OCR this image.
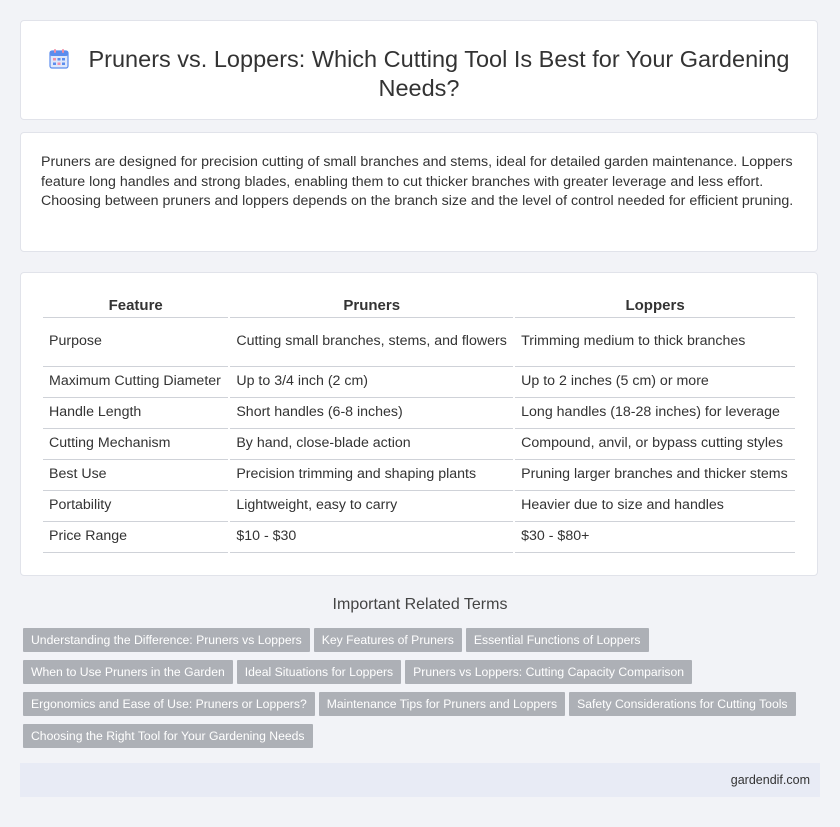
Pruners vs. Loppers: Which Cutting Tool Is Best for Your Gardening Needs?

Pruners are designed for precision cutting of small branches and stems, ideal for detailed garden maintenance. Loppers feature long handles and strong blades, enabling them to cut thicker branches with greater leverage and less effort. Choosing between pruners and loppers depends on the branch size and the level of control needed for efficient pruning.

Feature	Pruners	Loppers
Purpose	Cutting small branches, stems, and flowers	Trimming medium to thick branches
Maximum Cutting Diameter	Up to 3/4 inch (2 cm)	Up to 2 inches (5 cm) or more
Handle Length	Short handles (6-8 inches)	Long handles (18-28 inches) for leverage
Cutting Mechanism	By hand, close-blade action	Compound, anvil, or bypass cutting styles
Best Use	Precision trimming and shaping plants	Pruning larger branches and thicker stems
Portability	Lightweight, easy to carry	Heavier due to size and handles
Price Range	$10 - $30	$30 - $80+
Important Related Terms
Understanding the Difference: Pruners vs Loppers Key Features of Pruners Essential Functions of Loppers
When to Use Pruners in the Garden Ideal Situations for Loppers Pruners vs Loppers: Cutting Capacity Comparison
Ergonomics and Ease of Use: Pruners or Loppers? Maintenance Tips for Pruners and Loppers Safety Considerations for Cutting Tools
Choosing the Right Tool for Your Gardening Needs
gardendif.com
